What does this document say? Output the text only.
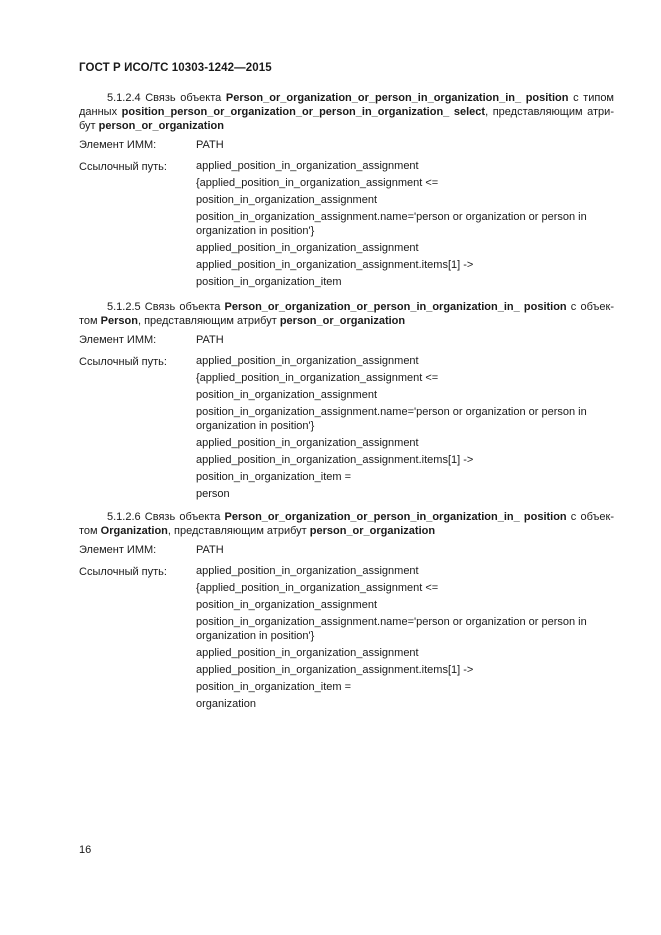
ГОСТ Р ИСО/ТС 10303-1242—2015

5.1.2.4 Связь объекта Person_or_organization_or_person_in_organization_in_ position с типом данных position_person_or_organization_or_person_in_organization_ select, представляющим атрибут person_or_organization

Элемент ИММ:	PATH
Ссылочный путь:	applied_position_in_organization_assignment
{applied_position_in_organization_assignment <=
position_in_organization_assignment
position_in_organization_assignment.name='person or organization or person in organization in position'}
applied_position_in_organization_assignment
applied_position_in_organization_assignment.items[1] ->
position_in_organization_item

5.1.2.5 Связь объекта Person_or_organization_or_person_in_organization_in_ position с объектом Person, представляющим атрибут person_or_organization

Элемент ИММ:	PATH
Ссылочный путь:	applied_position_in_organization_assignment
{applied_position_in_organization_assignment <=
position_in_organization_assignment
position_in_organization_assignment.name='person or organization or person in organization in position'}
applied_position_in_organization_assignment
applied_position_in_organization_assignment.items[1] ->
position_in_organization_item =
person

5.1.2.6 Связь объекта Person_or_organization_or_person_in_organization_in_ position с объектом Organization, представляющим атрибут person_or_organization

Элемент ИММ:	PATH
Ссылочный путь:	applied_position_in_organization_assignment
{applied_position_in_organization_assignment <=
position_in_organization_assignment
position_in_organization_assignment.name='person or organization or person in organization in position'}
applied_position_in_organization_assignment
applied_position_in_organization_assignment.items[1] ->
position_in_organization_item =
organization
16
